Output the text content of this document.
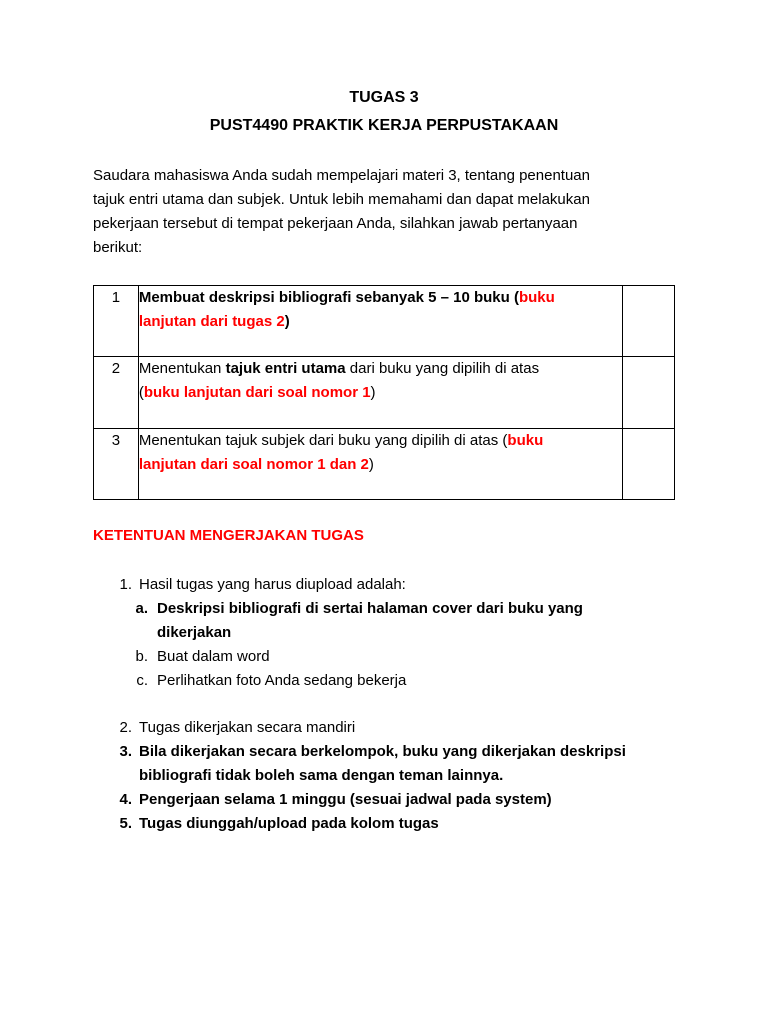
TUGAS 3
PUST4490 PRAKTIK KERJA PERPUSTAKAAN
Saudara mahasiswa Anda sudah mempelajari materi 3, tentang penentuan
tajuk entri utama dan subjek. Untuk lebih memahami dan dapat melakukan
pekerjaan tersebut di tempat pekerjaan Anda, silahkan jawab pertanyaan
berikut:
1	Membuat deskripsi bibliografi sebanyak 5 – 10 buku (buku
lanjutan dari tugas 2)	

2	Menentukan tajuk entri utama dari buku yang dipilih di atas
(buku lanjutan dari soal nomor 1)	

3	Menentukan tajuk subjek dari buku yang dipilih di atas (buku
lanjutan dari soal nomor 1 dan 2)	

KETENTUAN MENGERJAKAN TUGAS
1. Hasil tugas yang harus diupload adalah:
a. Deskripsi bibliografi di sertai halaman cover dari buku yang
dikerjakan
b. Buat dalam word
c. Perlihatkan foto Anda sedang bekerja
2. Tugas dikerjakan secara mandiri
3. Bila dikerjakan secara berkelompok, buku yang dikerjakan deskripsi
bibliografi tidak boleh sama dengan teman lainnya.
4. Pengerjaan selama 1 minggu (sesuai jadwal pada system)
5. Tugas diunggah/upload pada kolom tugas
